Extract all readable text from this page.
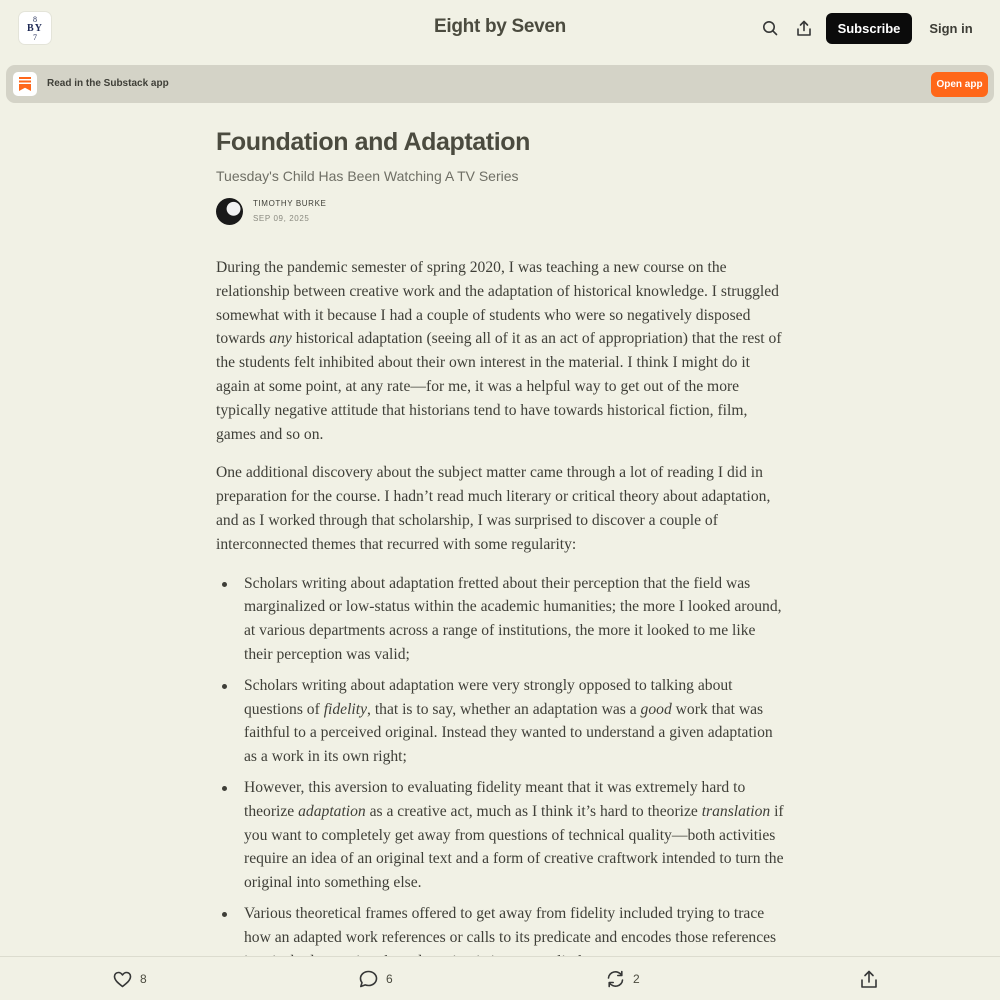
8
BY
7	Eight by Seven	Subscribe	Sign in
Read in the Substack app	Open app
Foundation and Adaptation
Tuesday's Child Has Been Watching A TV Series
TIMOTHY BURKE
SEP 09, 2025

During the pandemic semester of spring 2020, I was teaching a new course on the relationship between creative work and the adaptation of historical knowledge. I struggled somewhat with it because I had a couple of students who were so negatively disposed towards any historical adaptation (seeing all of it as an act of appropriation) that the rest of the students felt inhibited about their own interest in the material. I think I might do it again at some point, at any rate—for me, it was a helpful way to get out of the more typically negative attitude that historians tend to have towards historical fiction, film, games and so on.

One additional discovery about the subject matter came through a lot of reading I did in preparation for the course. I hadn’t read much literary or critical theory about adaptation, and as I worked through that scholarship, I was surprised to discover a couple of interconnected themes that recurred with some regularity:

Scholars writing about adaptation fretted about their perception that the field was marginalized or low-status within the academic humanities; the more I looked around, at various departments across a range of institutions, the more it looked to me like their perception was valid;
Scholars writing about adaptation were very strongly opposed to talking about questions of fidelity, that is to say, whether an adaptation was a good work that was faithful to a perceived original. Instead they wanted to understand a given adaptation as a work in its own right;
However, this aversion to evaluating fidelity meant that it was extremely hard to theorize adaptation as a creative act, much as I think it’s hard to theorize translation if you want to completely get away from questions of technical quality—both activities require an idea of an original text and a form of creative craftwork intended to turn the original into something else.
Various theoretical frames offered to get away from fidelity included trying to trace how an adapted work references or calls to its predicate and encodes those references
8	6	2
